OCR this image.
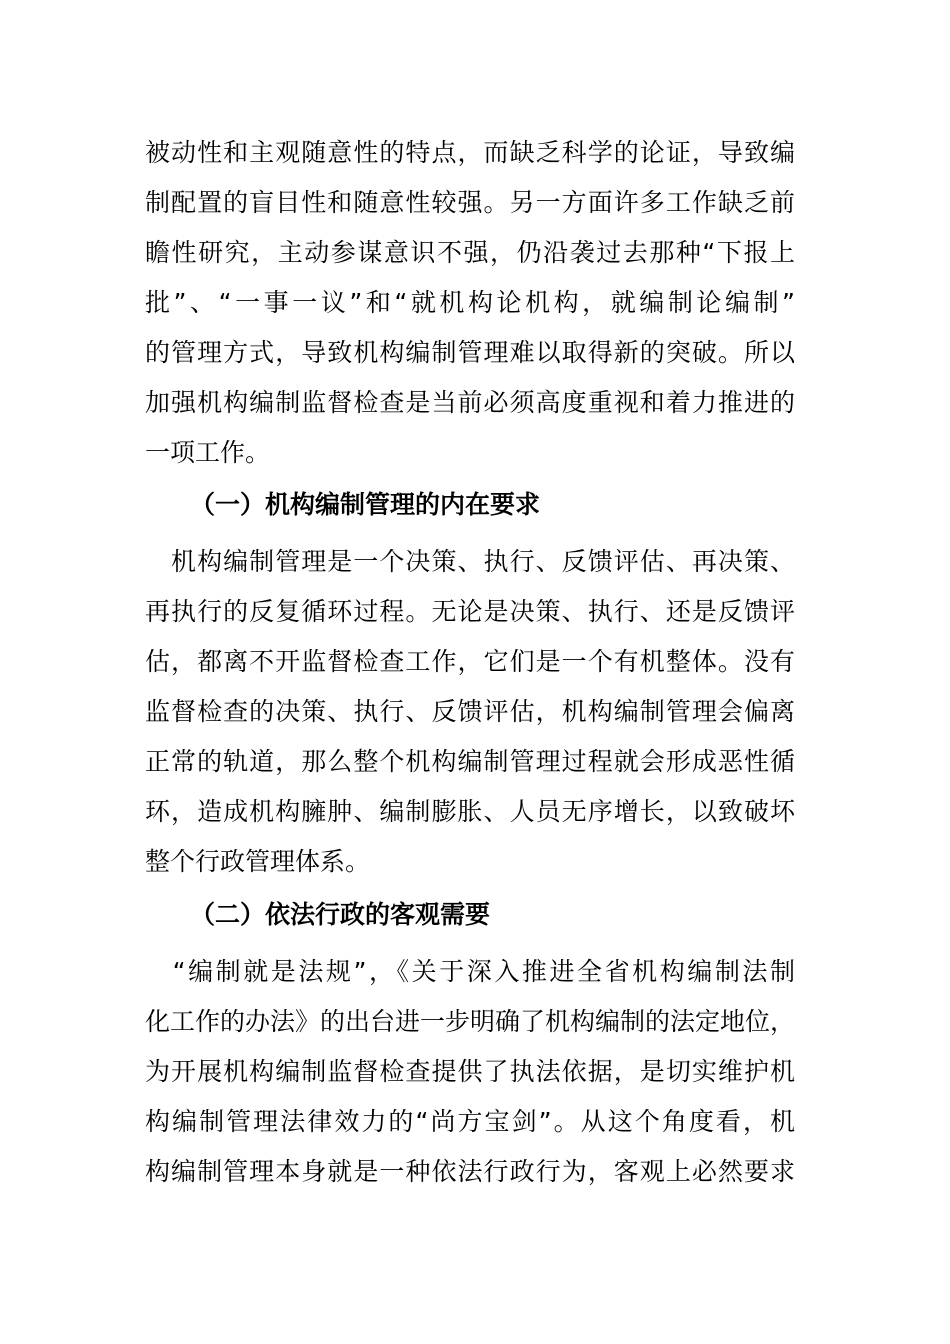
被动性和主观随意性的特点，而缺乏科学的论证，导致编
制配置的盲目性和随意性较强。另一方面许多工作缺乏前
瞻性研究，主动参谋意识不强，仍沿袭过去那种“下报上
批”、“一事一议”和“就机构论机构，就编制论编制”
的管理方式，导致机构编制管理难以取得新的突破。所以
加强机构编制监督检查是当前必须高度重视和着力推进的
一项工作。
（一）机构编制管理的内在要求
　机构编制管理是一个决策、执行、反馈评估、再决策、
再执行的反复循环过程。无论是决策、执行、还是反馈评
估，都离不开监督检查工作，它们是一个有机整体。没有
监督检查的决策、执行、反馈评估，机构编制管理会偏离
正常的轨道，那么整个机构编制管理过程就会形成恶性循
环，造成机构臃肿、编制膨胀、人员无序增长，以致破坏
整个行政管理体系。
（二）依法行政的客观需要
　“编制就是法规”，《关于深入推进全省机构编制法制
化工作的办法》的出台进一步明确了机构编制的法定地位，
为开展机构编制监督检查提供了执法依据，是切实维护机
构编制管理法律效力的“尚方宝剑”。从这个角度看，机
构编制管理本身就是一种依法行政行为，客观上必然要求
